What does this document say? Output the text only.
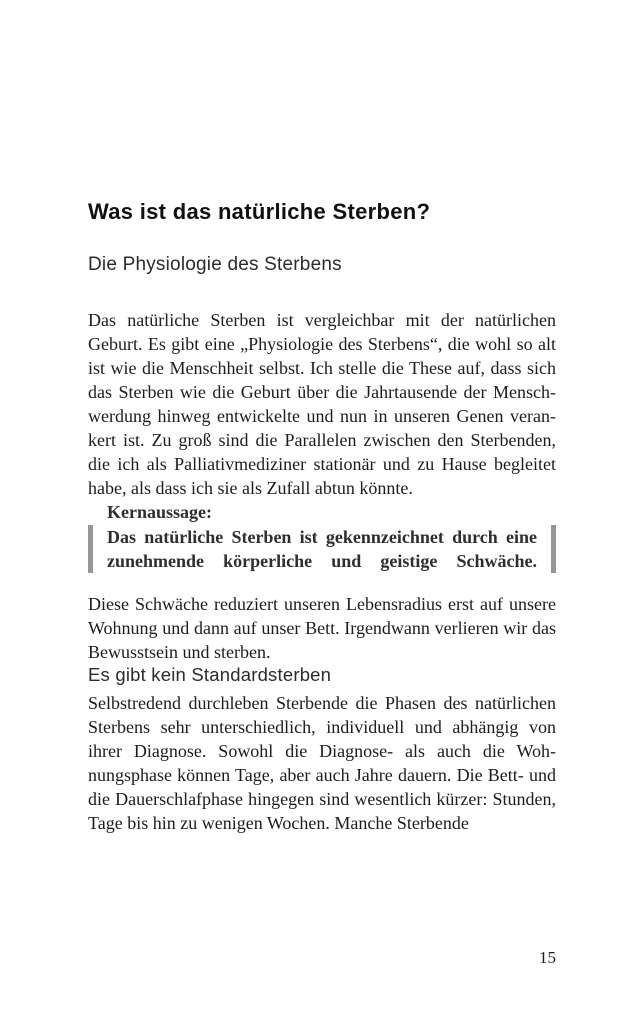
Was ist das natürliche Sterben?
Die Physiologie des Sterbens

Das natürliche Sterben ist vergleichbar mit der natürlichen Geburt. Es gibt eine „Physiologie des Sterbens“, die wohl so alt ist wie die Menschheit selbst. Ich stelle die These auf, dass sich das Sterben wie die Geburt über die Jahrtausende der Menschwerdung hinweg entwickelte und nun in unseren Genen verankert ist. Zu groß sind die Parallelen zwischen den Sterbenden, die ich als Palliativmediziner stationär und zu Hause begleitet habe, als dass ich sie als Zufall abtun könnte.

Kernaussage:
Das natürliche Sterben ist gekennzeichnet durch eine zunehmende körperliche und geistige Schwäche.

Diese Schwäche reduziert unseren Lebensradius erst auf unsere Wohnung und dann auf unser Bett. Irgendwann verlieren wir das Bewusstsein und sterben.

Es gibt kein Standardsterben

Selbstredend durchleben Sterbende die Phasen des natürlichen Sterbens sehr unterschiedlich, individuell und abhängig von ihrer Diagnose. Sowohl die Diagnose- als auch die Wohnungsphase können Tage, aber auch Jahre dauern. Die Bett- und die Dauerschlafphase hingegen sind wesentlich kürzer: Stunden, Tage bis hin zu wenigen Wochen. Manche Sterbende

15
